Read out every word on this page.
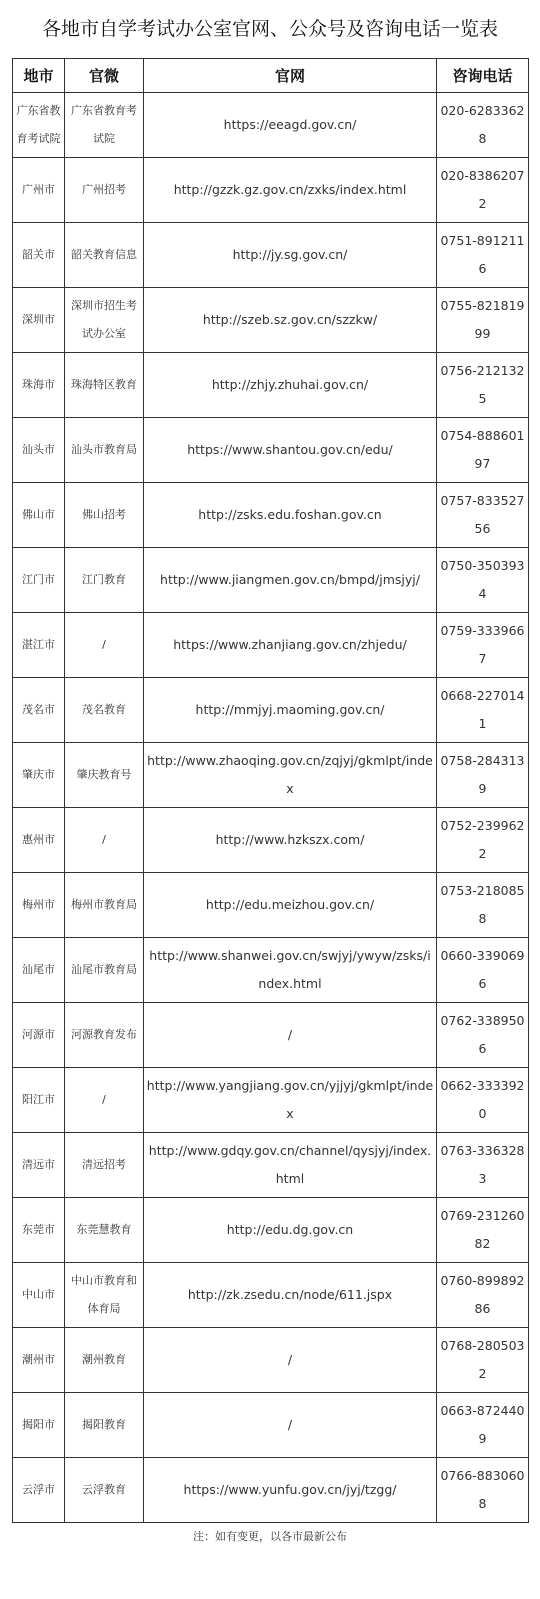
各地市自学考试办公室官网、公众号及咨询电话一览表
地市	官微	官网	咨询电话
广东省教育考试院	广东省教育考试院	https://eeagd.gov.cn/	020-62833628
广州市	广州招考	http://gzzk.gz.gov.cn/zxks/index.html	020-83862072
韶关市	韶关教育信息	http://jy.sg.gov.cn/	0751-8912116
深圳市	深圳市招生考试办公室	http://szeb.sz.gov.cn/szzkw/	0755-82181999
珠海市	珠海特区教育	http://zhjy.zhuhai.gov.cn/	0756-2121325
汕头市	汕头市教育局	https://www.shantou.gov.cn/edu/	0754-88860197
佛山市	佛山招考	http://zsks.edu.foshan.gov.cn	0757-83352756
江门市	江门教育	http://www.jiangmen.gov.cn/bmpd/jmsjyj/	0750-3503934
湛江市	/	https://www.zhanjiang.gov.cn/zhjedu/	0759-3339667
茂名市	茂名教育	http://mmjyj.maoming.gov.cn/	0668-2270141
肇庆市	肇庆教育号	http://www.zhaoqing.gov.cn/zqjyj/gkmlpt/index	0758-2843139
惠州市	/	http://www.hzkszx.com/	0752-2399622
梅州市	梅州市教育局	http://edu.meizhou.gov.cn/	0753-2180858
汕尾市	汕尾市教育局	http://www.shanwei.gov.cn/swjyj/ywyw/zsks/index.html	0660-3390696
河源市	河源教育发布	/	0762-3389506
阳江市	/	http://www.yangjiang.gov.cn/yjjyj/gkmlpt/index	0662-3333920
清远市	清远招考	http://www.gdqy.gov.cn/channel/qysjyj/index.html	0763-3363283
东莞市	东莞慧教育	http://edu.dg.gov.cn	0769-23126082
中山市	中山市教育和体育局	http://zk.zsedu.cn/node/611.jspx	0760-89989286
潮州市	潮州教育	/	0768-2805032
揭阳市	揭阳教育	/	0663-8724409
云浮市	云浮教育	https://www.yunfu.gov.cn/jyj/tzgg/	0766-8830608
注：如有变更，以各市最新公布
